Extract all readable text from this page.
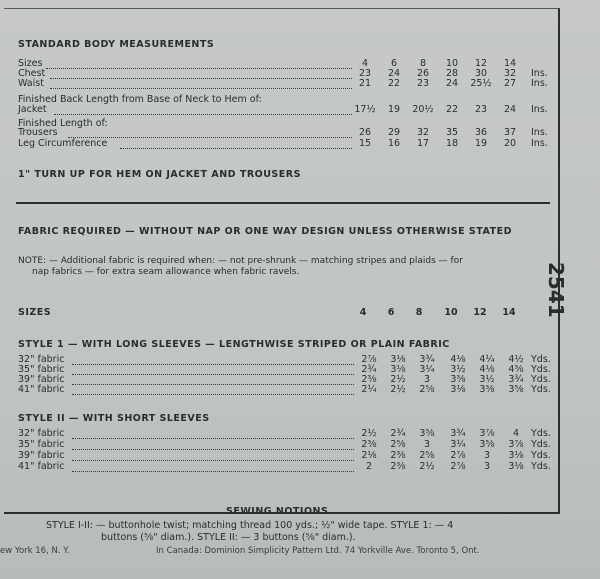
STANDARD BODY MEASUREMENTS
Sizes	4	6	8	10	12	14
Chest	23	24	26	28	30	32	Ins.
Waist	21	22	23	24	25½	27	Ins.
Finished Back Length from Base of Neck to Hem of:
Jacket	17½	19	20½	22	23	24	Ins.
Finished Length of:
Trousers	26	29	32	35	36	37	Ins.
Leg Circumference	15	16	17	18	19	20	Ins.
1" TURN UP FOR HEM ON JACKET AND TROUSERS
FABRIC REQUIRED — WITHOUT NAP OR ONE WAY DESIGN UNLESS OTHERWISE STATED
NOTE: — Additional fabric is required when: — not pre-shrunk — matching stripes and plaids — for
nap fabrics — for extra seam allowance when fabric ravels.	2541
SIZES	4	6	8	10	12	14
STYLE 1 — WITH LONG SLEEVES — LENGTHWISE STRIPED OR PLAIN FABRIC
32" fabric	2⅞	3⅛	3¾	4⅛	4¼	4½ Yds.
35" fabric	2¾	3⅛	3¼	3½	4⅛	4⅜ Yds.
39" fabric	2⅜	2½	3	3⅜	3½	3¾ Yds.
41" fabric	2¼	2½	2⅝	3⅛	3⅜	3⅝ Yds.
STYLE II — WITH SHORT SLEEVES
32" fabric	2½	2¾	3⅜	3¾	3⅞	4	Yds.
35" fabric	2⅜	2⅝	3	3¼	3⅝	3⅞ Yds.
39" fabric	2⅛	2⅜	2⅝	2⅞	3	3⅛ Yds.
41" fabric	2	2⅜	2½	2⅞	3	3⅛ Yds.
SEWING NOTIONS
STYLE I-II: — buttonhole twist; matching thread 100 yds.; ½" wide tape. STYLE 1: — 4
buttons (⅝" diam.). STYLE II: — 3 buttons (⅝" diam.).
ew York 16, N. Y.	In Canada: Dominion Simplicity Pattern Ltd. 74 Yorkville Ave. Toronto 5, Ont.
